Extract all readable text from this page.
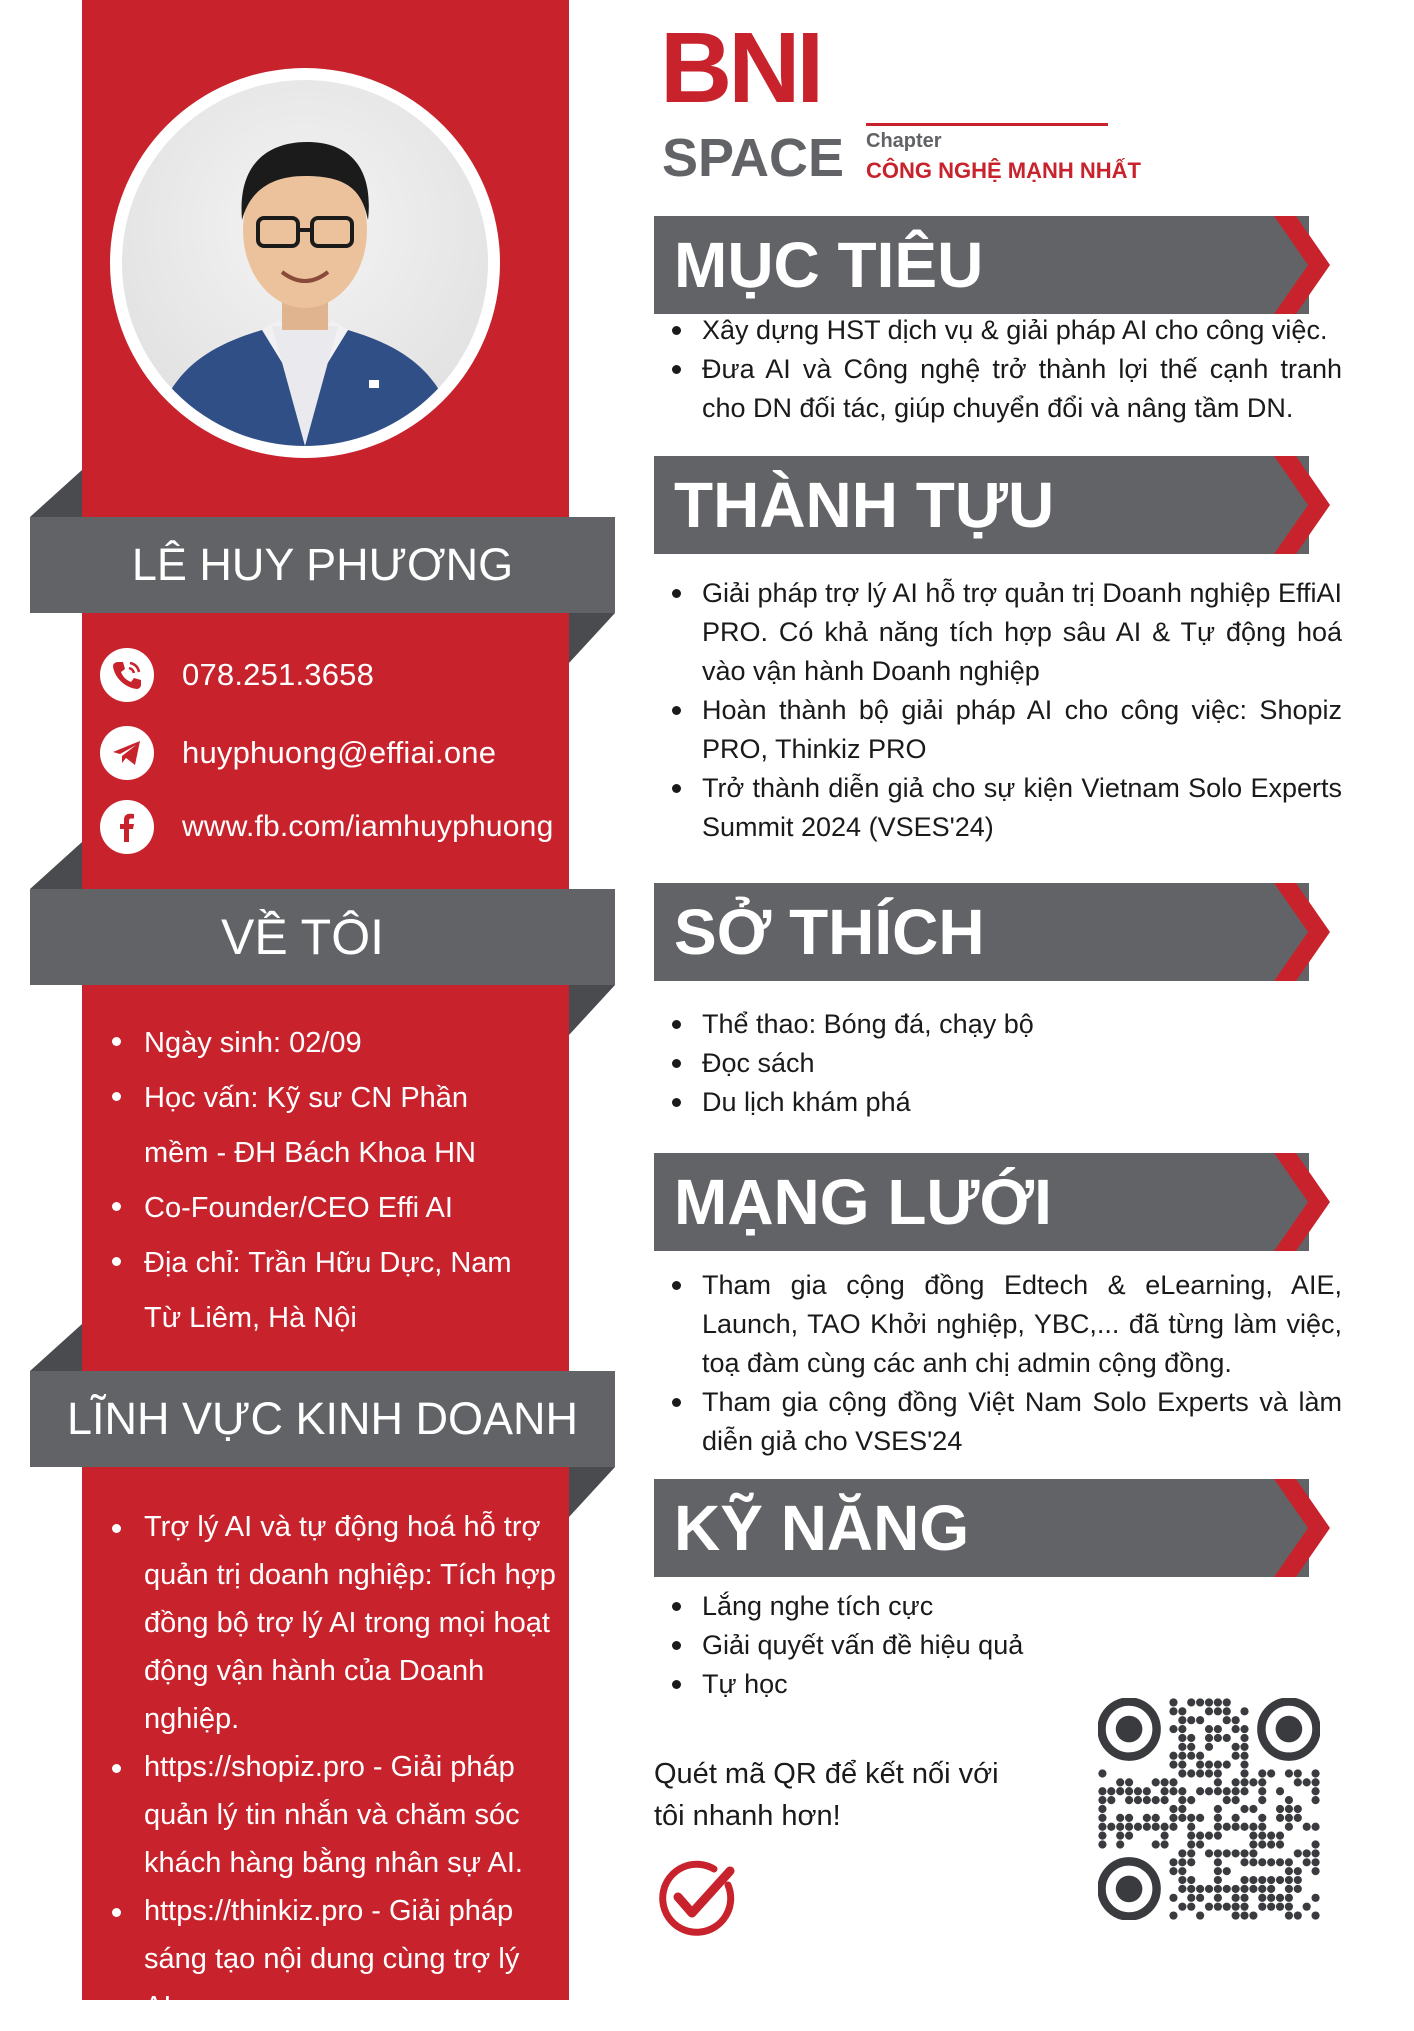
LÊ HUY PHƯƠNG
078.251.3658
huyphuong@effiai.one
www.fb.com/iamhuyphuong
VỀ TÔI
Ngày sinh: 02/09
Học vấn: Kỹ sư CN Phần mềm - ĐH Bách Khoa HN
Co-Founder/CEO Effi AI
Địa chỉ: Trần Hữu Dực, Nam Từ Liêm, Hà Nội
LĨNH VỰC KINH DOANH
Trợ lý AI và tự động hoá hỗ trợ quản trị doanh nghiệp: Tích hợp đồng bộ trợ lý AI trong mọi hoạt động vận hành của Doanh nghiệp.
https://shopiz.pro - Giải pháp quản lý tin nhắn và chăm sóc khách hàng bằng nhân sự AI.
https://thinkiz.pro - Giải pháp sáng tạo nội dung cùng trợ lý AI.
BNI
SPACE Chapter
CÔNG NGHỆ MẠNH NHẤT
MỤC TIÊU
Xây dựng HST dịch vụ & giải pháp AI cho công việc.
Đưa AI và Công nghệ trở thành lợi thế cạnh tranh cho DN đối tác, giúp chuyển đổi và nâng tầm DN.
THÀNH TỰU
Giải pháp trợ lý AI hỗ trợ quản trị Doanh nghiệp EffiAI PRO. Có khả năng tích hợp sâu AI & Tự động hoá vào vận hành Doanh nghiệp
Hoàn thành bộ giải pháp AI cho công việc: Shopiz PRO, Thinkiz PRO
Trở thành diễn giả cho sự kiện Vietnam Solo Experts Summit 2024 (VSES'24)
SỞ THÍCH
Thể thao: Bóng đá, chạy bộ
Đọc sách
Du lịch khám phá
MẠNG LƯỚI
Tham gia cộng đồng Edtech & eLearning, AIE, Launch, TAO Khởi nghiệp, YBC,... đã từng làm việc, toạ đàm cùng các anh chị admin cộng đồng.
Tham gia cộng đồng Việt Nam Solo Experts và làm diễn giả cho VSES'24
KỸ NĂNG
Lắng nghe tích cực
Giải quyết vấn đề hiệu quả
Tự học
Quét mã QR để kết nối với tôi nhanh hơn!
